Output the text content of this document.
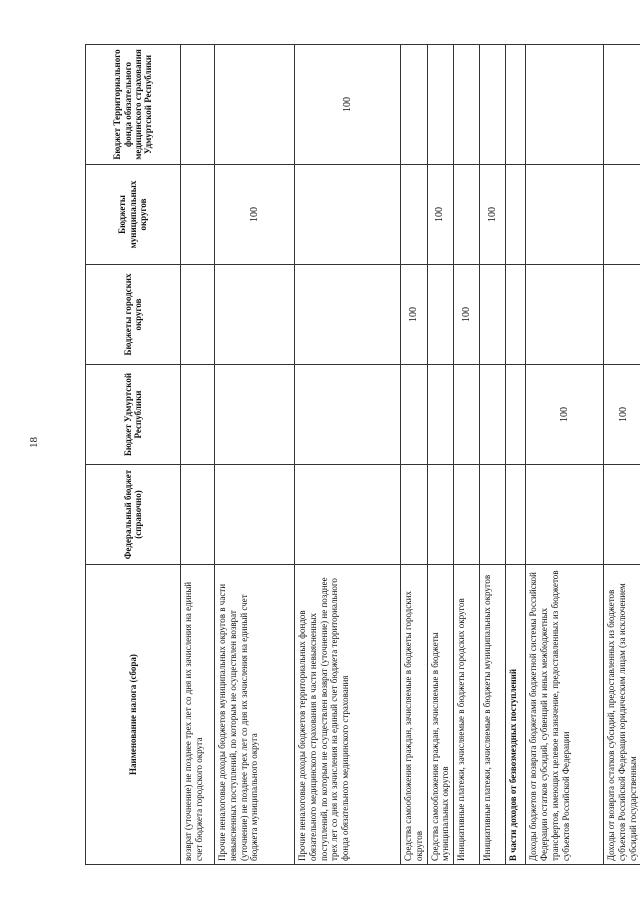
18
Наименование налога (сбора)	Федеральный бюджет (справочно)	Бюджет Удмуртской Республики	Бюджеты городских округов	Бюджеты муниципальных округов	Бюджет Территориального фонда обязательного медицинского страхования Удмуртской Республики
возврат (уточнение) не позднее трех лет со дня их зачисления на единый счет бюджета городского округа					
Прочие неналоговые доходы бюджетов муниципальных округов в части невыясненных поступлений, по которым не осуществлен возврат (уточнение) не позднее трех лет со дня их зачисления на единый счет бюджета муниципального округа				100	
Прочие неналоговые доходы бюджетов территориальных фондов обязательного медицинского страхования в части невыясненных поступлений, по которым не осуществлен возврат (уточнение) не позднее трех лет со дня их зачисления на единый счет бюджета территориального фонда обязательного медицинского страхования					100
Средства самообложения граждан, зачисляемые в бюджеты городских округов			100		
Средства самообложения граждан, зачисляемые в бюджеты муниципальных округов				100	
Инициативные платежи, зачисляемые в бюджеты городских округов			100		
Инициативные платежи, зачисляемые в бюджеты муниципальных округов				100	
В части доходов от безвозмездных поступлений					
Доходы бюджетов от возврата бюджетами бюджетной системы Российской Федерации остатков субсидий, субвенций и иных межбюджетных трансфертов, имеющих целевое назначение, предоставленных из бюджетов субъектов Российской Федерации		100			
Доходы от возврата остатков субсидий, предоставленных из бюджетов субъектов Российской Федерации юридическим лицам (за исключением субсидий государственным		100			
